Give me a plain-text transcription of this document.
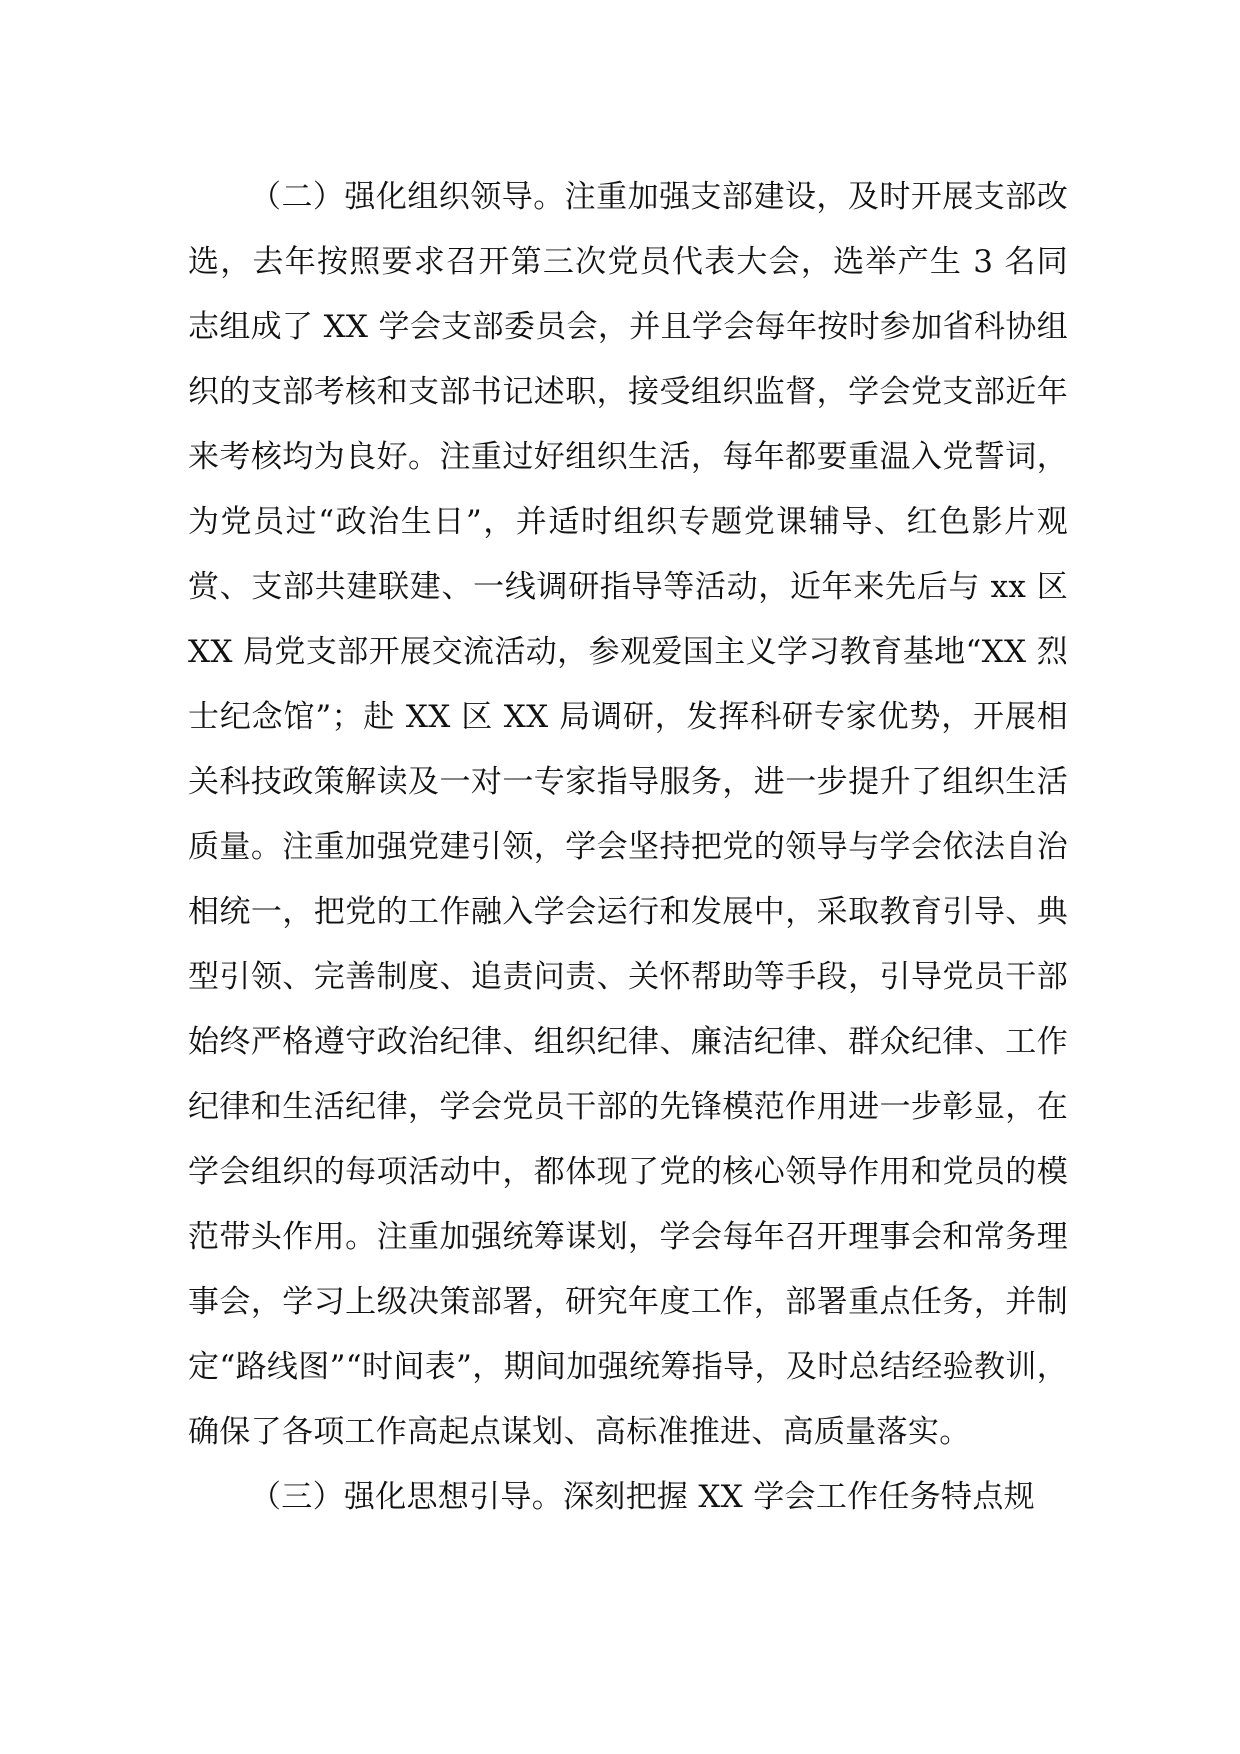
（二）强化组织领导。注重加强支部建设，及时开展支部改选，去年按照要求召开第三次党员代表大会，选举产生 3 名同志组成了 XX 学会支部委员会，并且学会每年按时参加省科协组织的支部考核和支部书记述职，接受组织监督，学会党支部近年来考核均为良好。注重过好组织生活，每年都要重温入党誓词，为党员过“政治生日”，并适时组织专题党课辅导、红色影片观赏、支部共建联建、一线调研指导等活动，近年来先后与 xx 区 XX 局党支部开展交流活动，参观爱国主义学习教育基地“XX 烈士纪念馆”；赴 XX 区 XX 局调研，发挥科研专家优势，开展相关科技政策解读及一对一专家指导服务，进一步提升了组织生活质量。注重加强党建引领，学会坚持把党的领导与学会依法自治相统一，把党的工作融入学会运行和发展中，采取教育引导、典型引领、完善制度、追责问责、关怀帮助等手段，引导党员干部始终严格遵守政治纪律、组织纪律、廉洁纪律、群众纪律、工作纪律和生活纪律，学会党员干部的先锋模范作用进一步彰显，在学会组织的每项活动中，都体现了党的核心领导作用和党员的模范带头作用。注重加强统筹谋划，学会每年召开理事会和常务理事会，学习上级决策部署，研究年度工作，部署重点任务，并制定“路线图”“时间表”，期间加强统筹指导，及时总结经验教训，确保了各项工作高起点谋划、高标准推进、高质量落实。

（三）强化思想引导。深刻把握 XX 学会工作任务特点规
